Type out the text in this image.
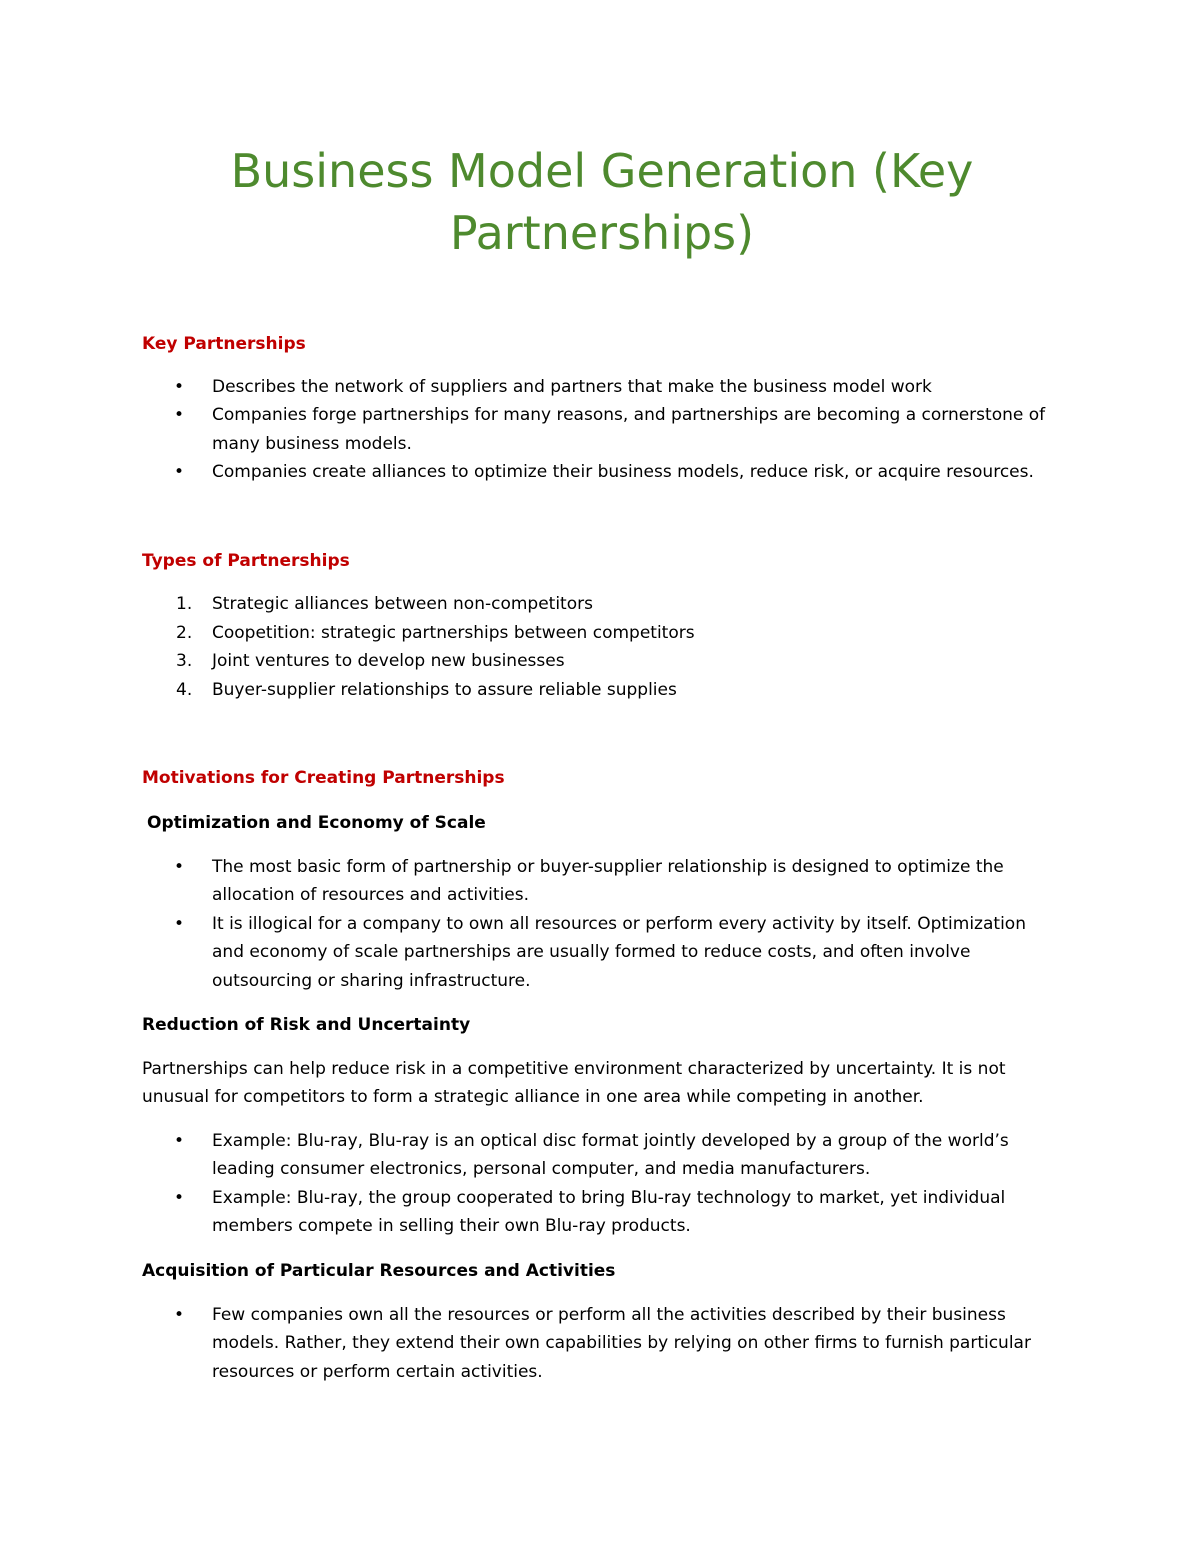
Business Model Generation (Key Partnerships)
Key Partnerships
• Describes the network of suppliers and partners that make the business model work
• Companies forge partnerships for many reasons, and partnerships are becoming a cornerstone of many business models.
• Companies create alliances to optimize their business models, reduce risk, or acquire resources.
Types of Partnerships
1. Strategic alliances between non-competitors
2. Coopetition: strategic partnerships between competitors
3. Joint ventures to develop new businesses
4. Buyer-supplier relationships to assure reliable supplies
Motivations for Creating Partnerships
Optimization and Economy of Scale
• The most basic form of partnership or buyer-supplier relationship is designed to optimize the allocation of resources and activities.
• It is illogical for a company to own all resources or perform every activity by itself. Optimization and economy of scale partnerships are usually formed to reduce costs, and often involve outsourcing or sharing infrastructure.
Reduction of Risk and Uncertainty

Partnerships can help reduce risk in a competitive environment characterized by uncertainty. It is not unusual for competitors to form a strategic alliance in one area while competing in another.

• Example: Blu-ray, Blu-ray is an optical disc format jointly developed by a group of the world’s leading consumer electronics, personal computer, and media manufacturers.
• Example: Blu-ray, the group cooperated to bring Blu-ray technology to market, yet individual members compete in selling their own Blu-ray products.
Acquisition of Particular Resources and Activities
• Few companies own all the resources or perform all the activities described by their business models. Rather, they extend their own capabilities by relying on other firms to furnish particular resources or perform certain activities.
